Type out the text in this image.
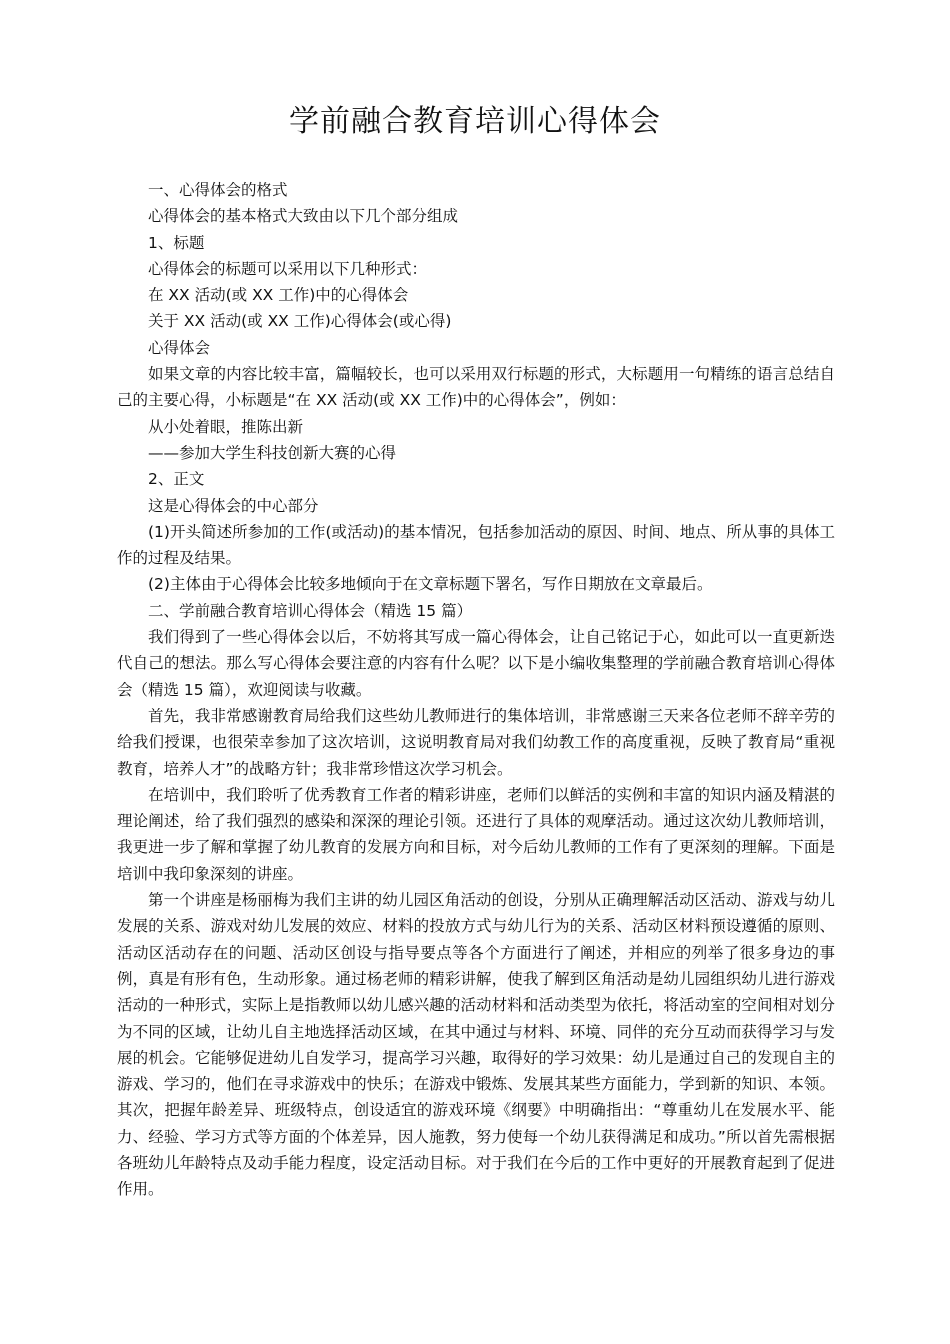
学前融合教育培训心得体会

一、心得体会的格式

心得体会的基本格式大致由以下几个部分组成

1、标题

心得体会的标题可以采用以下几种形式：

在 XX 活动(或 XX 工作)中的心得体会

关于 XX 活动(或 XX 工作)心得体会(或心得)

心得体会

如果文章的内容比较丰富，篇幅较长，也可以采用双行标题的形式，大标题用一句精练的语言总结自己的主要心得，小标题是“在 XX 活动(或 XX 工作)中的心得体会”，例如：

从小处着眼，推陈出新

——参加大学生科技创新大赛的心得

2、正文

这是心得体会的中心部分

(1)开头简述所参加的工作(或活动)的基本情况，包括参加活动的原因、时间、地点、所从事的具体工作的过程及结果。

(2)主体由于心得体会比较多地倾向于在文章标题下署名，写作日期放在文章最后。

二、学前融合教育培训心得体会（精选 15 篇）

我们得到了一些心得体会以后，不妨将其写成一篇心得体会，让自己铭记于心，如此可以一直更新迭代自己的想法。那么写心得体会要注意的内容有什么呢？以下是小编收集整理的学前融合教育培训心得体会（精选 15 篇），欢迎阅读与收藏。

首先，我非常感谢教育局给我们这些幼儿教师进行的集体培训，非常感谢三天来各位老师不辞辛劳的给我们授课，也很荣幸参加了这次培训，这说明教育局对我们幼教工作的高度重视，反映了教育局“重视教育，培养人才”的战略方针；我非常珍惜这次学习机会。

在培训中，我们聆听了优秀教育工作者的精彩讲座，老师们以鲜活的实例和丰富的知识内涵及精湛的理论阐述，给了我们强烈的感染和深深的理论引领。还进行了具体的观摩活动。通过这次幼儿教师培训，我更进一步了解和掌握了幼儿教育的发展方向和目标，对今后幼儿教师的工作有了更深刻的理解。下面是培训中我印象深刻的讲座。

第一个讲座是杨丽梅为我们主讲的幼儿园区角活动的创设，分别从正确理解活动区活动、游戏与幼儿发展的关系、游戏对幼儿发展的效应、材料的投放方式与幼儿行为的关系、活动区材料预设遵循的原则、活动区活动存在的问题、活动区创设与指导要点等各个方面进行了阐述，并相应的列举了很多身边的事例，真是有形有色，生动形象。通过杨老师的精彩讲解，使我了解到区角活动是幼儿园组织幼儿进行游戏活动的一种形式，实际上是指教师以幼儿感兴趣的活动材料和活动类型为依托，将活动室的空间相对划分为不同的区域，让幼儿自主地选择活动区域，在其中通过与材料、环境、同伴的充分互动而获得学习与发展的机会。它能够促进幼儿自发学习，提高学习兴趣，取得好的学习效果：幼儿是通过自己的发现自主的游戏、学习的，他们在寻求游戏中的快乐；在游戏中锻炼、发展其某些方面能力，学到新的知识、本领。其次，把握年龄差异、班级特点，创设适宜的游戏环境《纲要》中明确指出：“尊重幼儿在发展水平、能力、经验、学习方式等方面的个体差异，因人施教，努力使每一个幼儿获得满足和成功。”所以首先需根据各班幼儿年龄特点及动手能力程度，设定活动目标。对于我们在今后的工作中更好的开展教育起到了促进作用。
